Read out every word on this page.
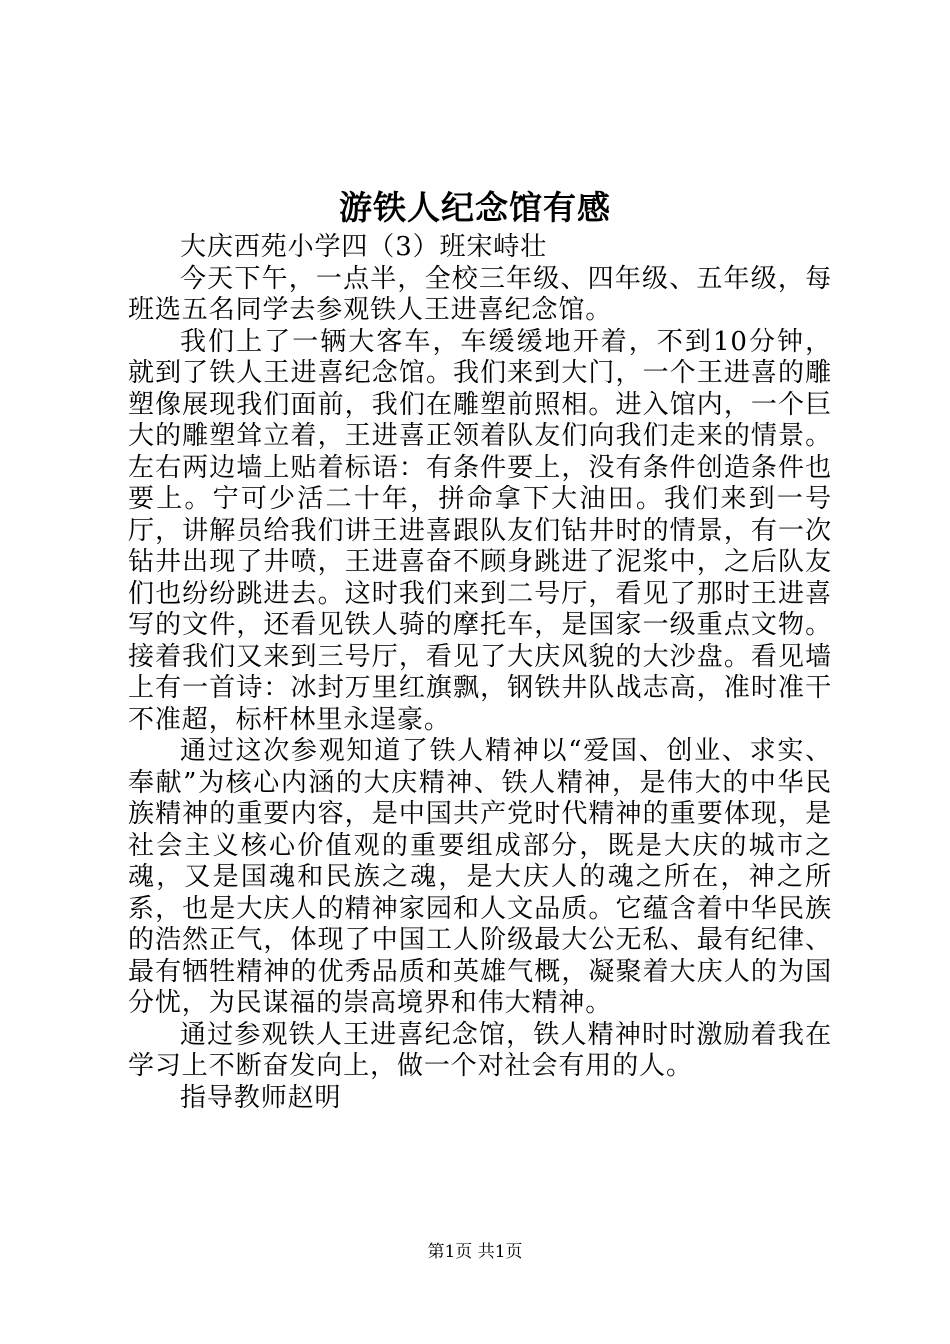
游铁人纪念馆有感

大庆西苑小学四（3）班宋峙壮

今天下午，一点半，全校三年级、四年级、五年级，每班选五名同学去参观铁人王进喜纪念馆。

我们上了一辆大客车，车缓缓地开着，不到10分钟，就到了铁人王进喜纪念馆。我们来到大门，一个王进喜的雕塑像展现我们面前，我们在雕塑前照相。进入馆内，一个巨大的雕塑耸立着，王进喜正领着队友们向我们走来的情景。左右两边墙上贴着标语：有条件要上，没有条件创造条件也要上。宁可少活二十年，拼命拿下大油田。我们来到一号厅，讲解员给我们讲王进喜跟队友们钻井时的情景，有一次钻井出现了井喷，王进喜奋不顾身跳进了泥浆中，之后队友们也纷纷跳进去。这时我们来到二号厅，看见了那时王进喜写的文件，还看见铁人骑的摩托车，是国家一级重点文物。接着我们又来到三号厅，看见了大庆风貌的大沙盘。看见墙上有一首诗：冰封万里红旗飘，钢铁井队战志高，准时准干不准超，标杆林里永逞豪。

通过这次参观知道了铁人精神以“爱国、创业、求实、奉献”为核心内涵的大庆精神、铁人精神，是伟大的中华民族精神的重要内容，是中国共产党时代精神的重要体现，是社会主义核心价值观的重要组成部分，既是大庆的城市之魂，又是国魂和民族之魂，是大庆人的魂之所在，神之所系，也是大庆人的精神家园和人文品质。它蕴含着中华民族的浩然正气，体现了中国工人阶级最大公无私、最有纪律、最有牺牲精神的优秀品质和英雄气概，凝聚着大庆人的为国分忧，为民谋福的崇高境界和伟大精神。

通过参观铁人王进喜纪念馆，铁人精神时时激励着我在学习上不断奋发向上，做一个对社会有用的人。

指导教师赵明

第1页 共1页
